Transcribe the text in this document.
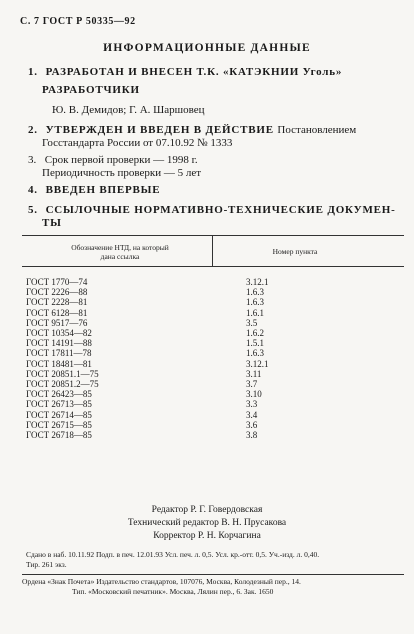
С. 7 ГОСТ Р 50335—92
ИНФОРМАЦИОННЫЕ ДАННЫЕ
1. РАЗРАБОТАН И ВНЕСЕН Т.К. «КАТЭКНИИ Уголь»
РАЗРАБОТЧИКИ
Ю. В. Демидов; Г. А. Шаршовец
2. УТВЕРЖДЕН И ВВЕДЕН В ДЕЙСТВИЕ Постановлением
Госстандарта России от 07.10.92 № 1333
3. Срок первой проверки — 1998 г.
Периодичность проверки — 5 лет
4. ВВЕДЕН ВПЕРВЫЕ
5. ССЫЛОЧНЫЕ НОРМАТИВНО-ТЕХНИЧЕСКИЕ ДОКУМЕН-
ТЫ
Обозначение НТД, на который
дана ссылка
Номер пункта
ГОСТ 1770—74	3.12.1
ГОСТ 2226—88	1.6.3
ГОСТ 2228—81	1.6.3
ГОСТ 6128—81	1.6.1
ГОСТ 9517—76	3.5
ГОСТ 10354—82	1.6.2
ГОСТ 14191—88	1.5.1
ГОСТ 17811—78	1.6.3
ГОСТ 18481—81	3.12.1
ГОСТ 20851.1—75	3.11
ГОСТ 20851.2—75	3.7
ГОСТ 26423—85	3.10
ГОСТ 26713—85	3.3
ГОСТ 26714—85	3.4
ГОСТ 26715—85	3.6
ГОСТ 26718—85	3.8
Редактор Р. Г. Говердовская
Технический редактор В. Н. Прусакова
Корректор Р. Н. Корчагина
Сдано в наб. 10.11.92 Подп. в печ. 12.01.93 Усл. печ. л. 0,5. Усл. кр.-отт. 0,5. Уч.-изд. л. 0,40.
Тир. 261 экз.
Ордена «Знак Почета» Издательство стандартов, 107076, Москва, Колодезный пер., 14.
Тип. «Московский печатник». Москва, Лялин пер., 6. Зак. 1650
